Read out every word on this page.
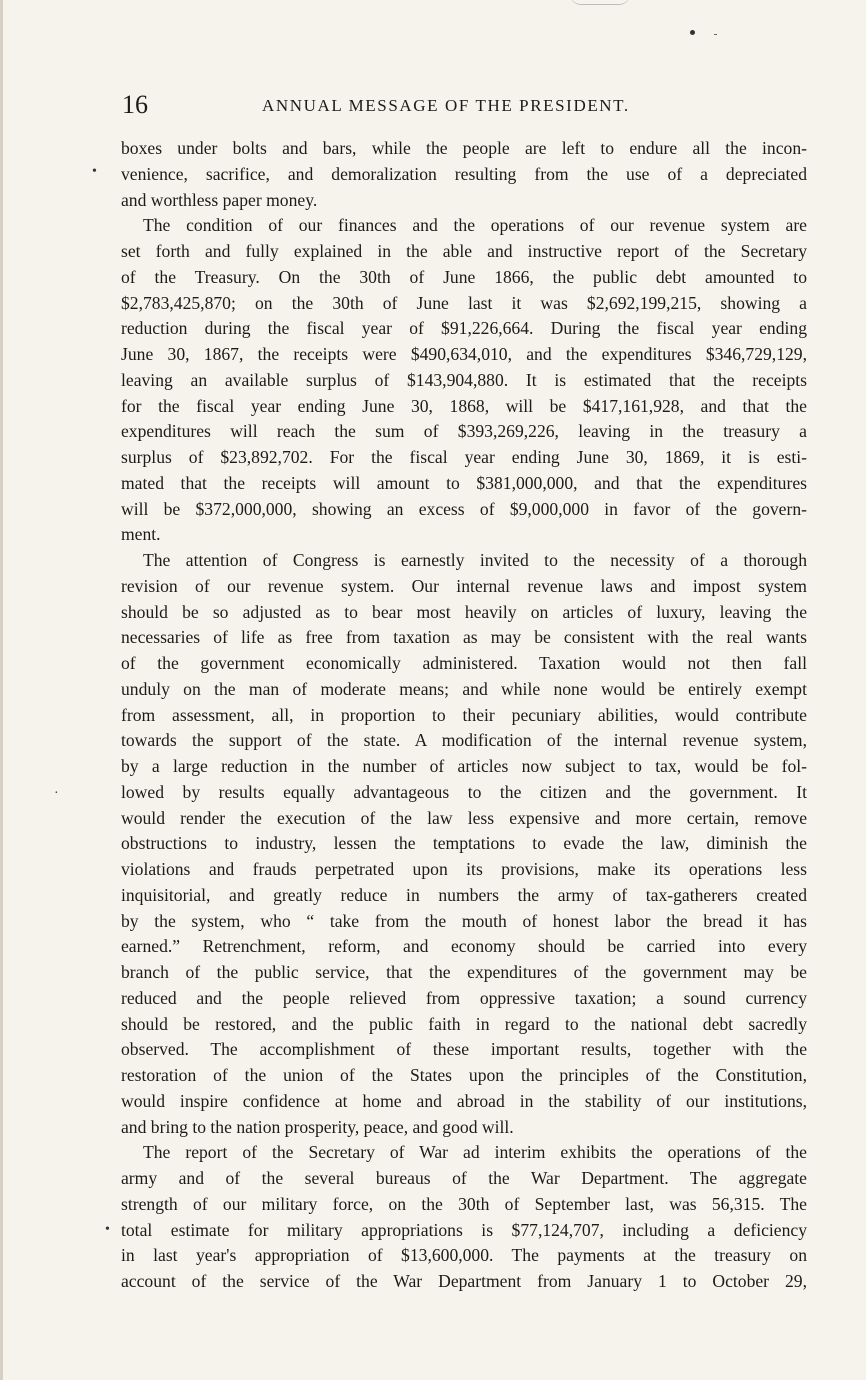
16	ANNUAL MESSAGE OF THE PRESIDENT.
•
·
•
boxes under bolts and bars, while the people are left to endure all the incon-
venience, sacrifice, and demoralization resulting from the use of a depreciated
and worthless paper money.
The condition of our finances and the operations of our revenue system are
set forth and fully explained in the able and instructive report of the Secretary
of the Treasury. On the 30th of June 1866, the public debt amounted to
$2,783,425,870; on the 30th of June last it was $2,692,199,215, showing a
reduction during the fiscal year of $91,226,664. During the fiscal year ending
June 30, 1867, the receipts were $490,634,010, and the expenditures $346,729,129,
leaving an available surplus of $143,904,880. It is estimated that the receipts
for the fiscal year ending June 30, 1868, will be $417,161,928, and that the
expenditures will reach the sum of $393,269,226, leaving in the treasury a
surplus of $23,892,702. For the fiscal year ending June 30, 1869, it is esti-
mated that the receipts will amount to $381,000,000, and that the expenditures
will be $372,000,000, showing an excess of $9,000,000 in favor of the govern-
ment.
The attention of Congress is earnestly invited to the necessity of a thorough
revision of our revenue system. Our internal revenue laws and impost system
should be so adjusted as to bear most heavily on articles of luxury, leaving the
necessaries of life as free from taxation as may be consistent with the real wants
of the government economically administered. Taxation would not then fall
unduly on the man of moderate means; and while none would be entirely exempt
from assessment, all, in proportion to their pecuniary abilities, would contribute
towards the support of the state. A modification of the internal revenue system,
by a large reduction in the number of articles now subject to tax, would be fol-
lowed by results equally advantageous to the citizen and the government. It
would render the execution of the law less expensive and more certain, remove
obstructions to industry, lessen the temptations to evade the law, diminish the
violations and frauds perpetrated upon its provisions, make its operations less
inquisitorial, and greatly reduce in numbers the army of tax-gatherers created
by the system, who “ take from the mouth of honest labor the bread it has
earned.” Retrenchment, reform, and economy should be carried into every
branch of the public service, that the expenditures of the government may be
reduced and the people relieved from oppressive taxation; a sound currency
should be restored, and the public faith in regard to the national debt sacredly
observed. The accomplishment of these important results, together with the
restoration of the union of the States upon the principles of the Constitution,
would inspire confidence at home and abroad in the stability of our institutions,
and bring to the nation prosperity, peace, and good will.
The report of the Secretary of War ad interim exhibits the operations of the
army and of the several bureaus of the War Department. The aggregate
strength of our military force, on the 30th of September last, was 56,315. The
total estimate for military appropriations is $77,124,707, including a deficiency
in last year's appropriation of $13,600,000. The payments at the treasury on
account of the service of the War Department from January 1 to October 29,
